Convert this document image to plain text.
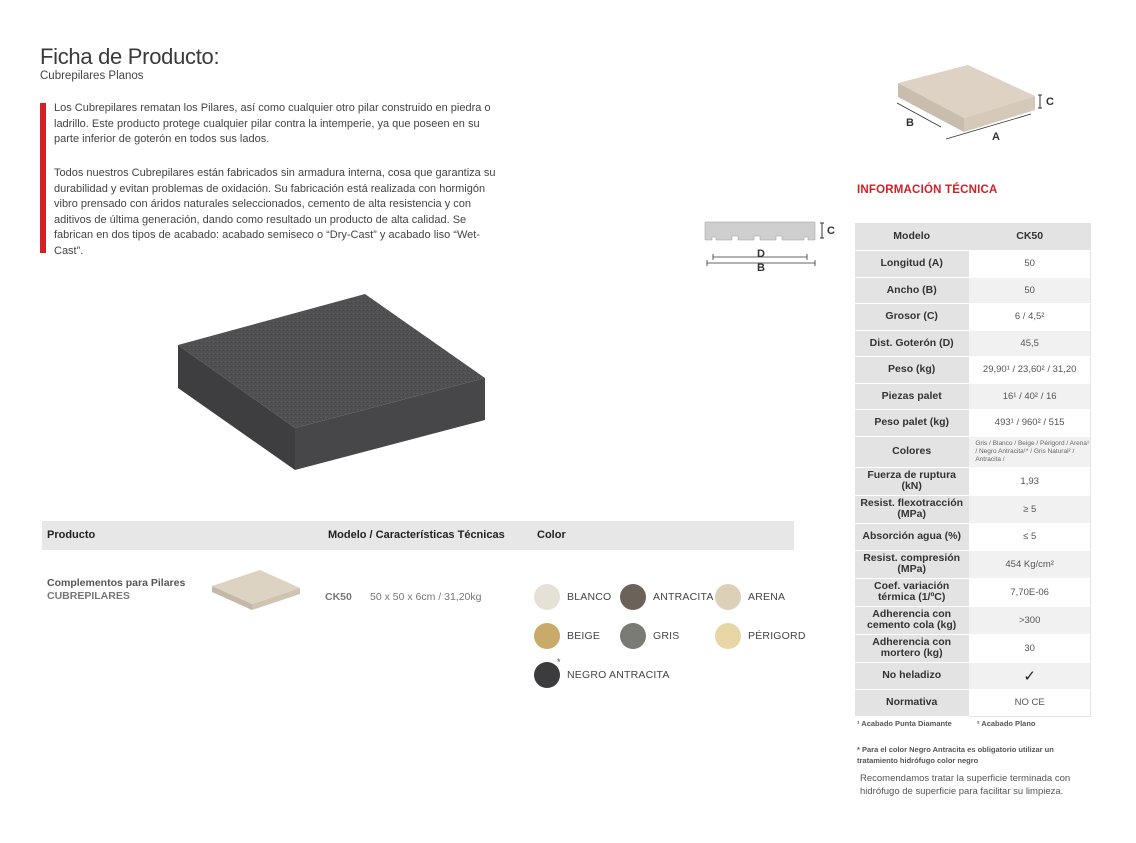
Ficha de Producto:
Cubrepilares Planos
Los Cubrepilares rematan los Pilares, así como cualquier otro pilar construido en piedra o ladrillo. Este producto protege cualquier pilar contra la intemperie, ya que poseen en su parte inferior de goterón en todos sus lados.
Todos nuestros Cubrepilares están fabricados sin armadura interna, cosa que garantiza su durabilidad y evitan problemas de oxidación. Su fabricación está realizada con hormigón vibro prensado con áridos naturales seleccionados, cemento de alta resistencia y con aditivos de última generación, dando como resultado un producto de alta calidad. Se fabrican en dos tipos de acabado: acabado semiseco o “Dry-Cast” y acabado liso “Wet-Cast”.
Producto	Modelo / Características Técnicas	Color
Complementos para Pilares
CUBREPILARES	CK50 50 x 50 x 6cm / 31,20kg	BLANCO	ANTRACITA	ARENA
BEIGE	GRIS	PÉRIGORD
*
NEGRO ANTRACITA
C
B
A
C
D
B
INFORMACIÓN TÉCNICA
Modelo	CK50
Longitud (A)	50
Ancho (B)	50
Grosor (C)	6 / 4,5²
Dist. Goterón (D)	45,5
Peso (kg)	29,90¹ / 23,60² / 31,20
Piezas palet	16¹ / 40² / 16
Peso palet (kg)	493¹ / 960² / 515
Colores	Gris / Blanco / Beige / Périgord / Arena¹ / Negro Antracita¹* / Gris Natural² / Antracita /
Fuerza de ruptura (kN)	1,93
Resist. flexotracción (MPa)	≥ 5
Absorción agua (%)	≤ 5
Resist. compresión (MPa)	454 Kg/cm²
Coef. variación térmica (1/ºC)	7,70E-06
Adherencia con cemento cola (kg)	>300
Adherencia con mortero (kg)	30
No heladizo	✓
Normativa	NO CE
¹ Acabado Punta Diamante	² Acabado Plano
* Para el color Negro Antracita es obligatorio utilizar un tratamiento hidrófugo color negro
Recomendamos tratar la superficie terminada con hidrófugo de superficie para facilitar su limpieza.
